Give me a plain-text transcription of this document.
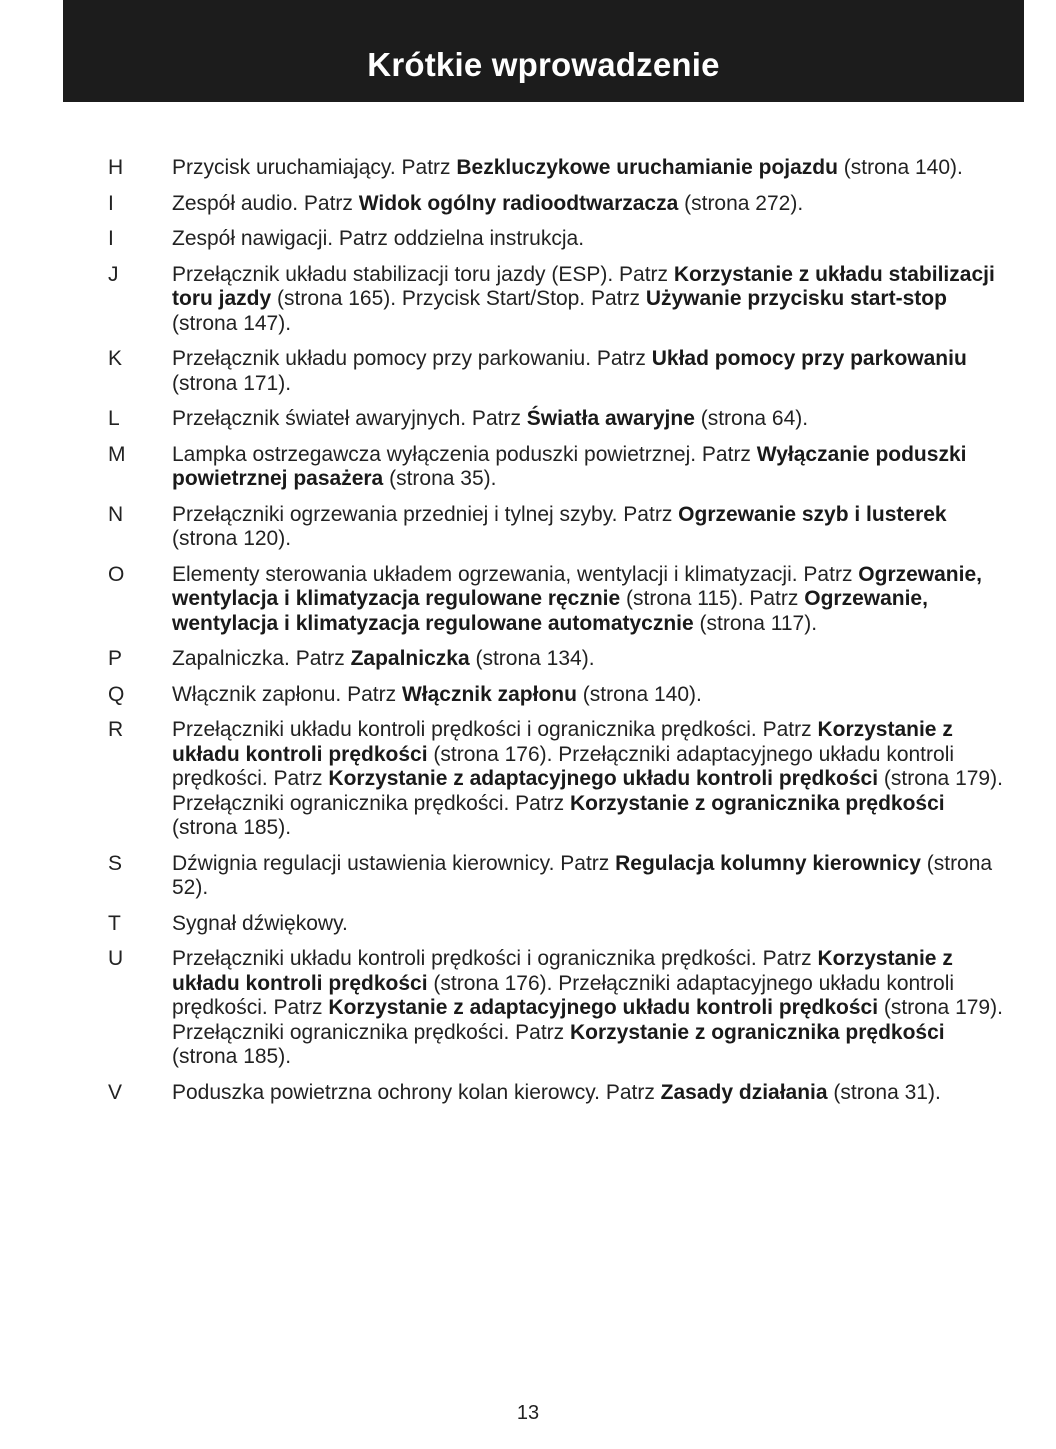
Krótkie wprowadzenie
H Przycisk uruchamiający. Patrz Bezkluczykowe uruchamianie pojazdu (strona 140).
I	Zespół audio. Patrz Widok ogólny radioodtwarzacza (strona 272).
I	Zespół nawigacji. Patrz oddzielna instrukcja.
J	Przełącznik układu stabilizacji toru jazdy (ESP). Patrz Korzystanie z układu stabilizacji toru jazdy (strona 165). Przycisk Start/Stop. Patrz Używanie przycisku start-stop (strona 147).
K Przełącznik układu pomocy przy parkowaniu. Patrz Układ pomocy przy parkowaniu (strona 171).
L	Przełącznik świateł awaryjnych. Patrz Światła awaryjne (strona 64).
M Lampka ostrzegawcza wyłączenia poduszki powietrznej. Patrz Wyłączanie poduszki powietrznej pasażera (strona 35).
N Przełączniki ogrzewania przedniej i tylnej szyby. Patrz Ogrzewanie szyb i lusterek (strona 120).
O Elementy sterowania układem ogrzewania, wentylacji i klimatyzacji. Patrz Ogrzewanie, wentylacja i klimatyzacja regulowane ręcznie (strona 115). Patrz Ogrzewanie, wentylacja i klimatyzacja regulowane automatycznie (strona 117).
P Zapalniczka. Patrz Zapalniczka (strona 134).
Q Włącznik zapłonu. Patrz Włącznik zapłonu (strona 140).
R Przełączniki układu kontroli prędkości i ogranicznika prędkości. Patrz Korzystanie z układu kontroli prędkości (strona 176). Przełączniki adaptacyjnego układu kontroli prędkości. Patrz Korzystanie z adaptacyjnego układu kontroli prędkości (strona 179). Przełączniki ogranicznika prędkości. Patrz Korzystanie z ogranicznika prędkości (strona 185).
S Dźwignia regulacji ustawienia kierownicy. Patrz Regulacja kolumny kierownicy (strona 52).
T	Sygnał dźwiękowy.
U Przełączniki układu kontroli prędkości i ogranicznika prędkości. Patrz Korzystanie z układu kontroli prędkości (strona 176). Przełączniki adaptacyjnego układu kontroli prędkości. Patrz Korzystanie z adaptacyjnego układu kontroli prędkości (strona 179). Przełączniki ogranicznika prędkości. Patrz Korzystanie z ogranicznika prędkości (strona 185).
V Poduszka powietrzna ochrony kolan kierowcy. Patrz Zasady działania (strona 31).
13
